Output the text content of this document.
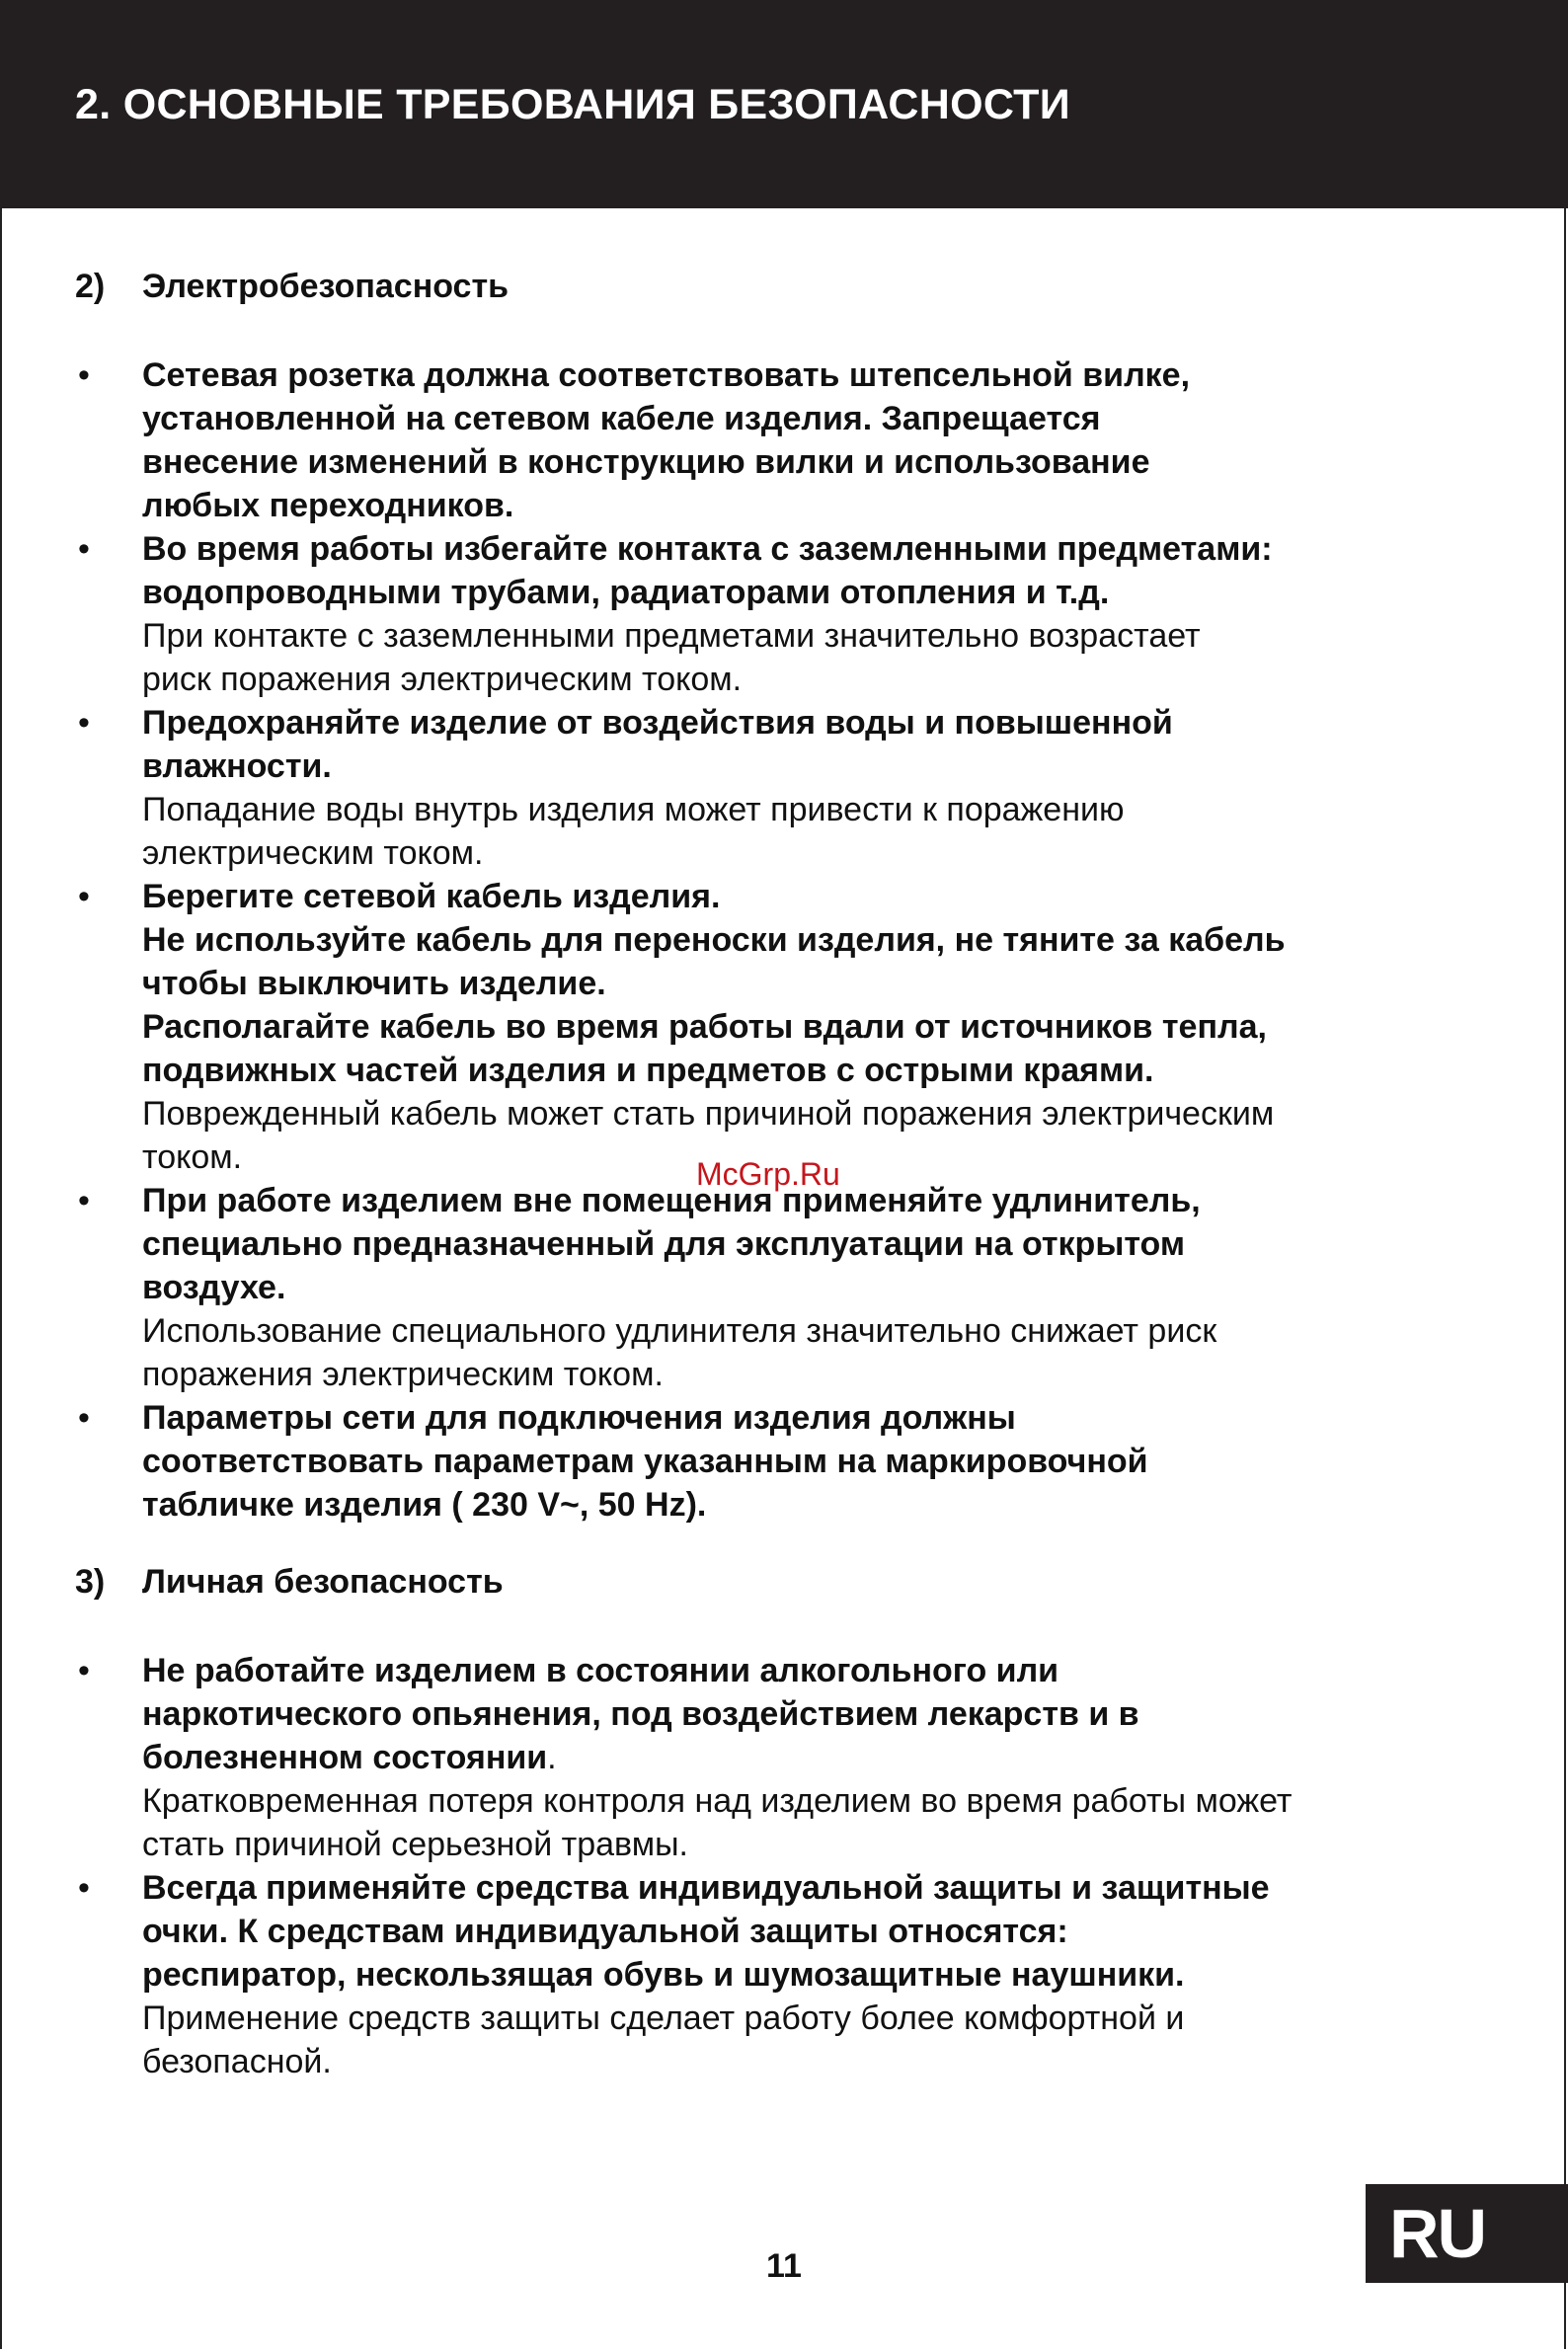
2. ОСНОВНЫЕ ТРЕБОВАНИЯ БЕЗОПАСНОСТИ
2) Электробезопасность
• Сетевая розетка должна соответствовать штепсельной вилке,
установленной на сетевом кабеле изделия. Запрещается
внесение изменений в конструкцию вилки и использование
любых переходников.
• Во время работы избегайте контакта с заземленными предметами:
водопроводными трубами, радиаторами отопления и т.д.
При контакте с заземленными предметами значительно возрастает
риск поражения электрическим током.
• Предохраняйте изделие от воздействия воды и повышенной
влажности.
Попадание воды внутрь изделия может привести к поражению
электрическим током.
• Берегите сетевой кабель изделия.
Не используйте кабель для переноски изделия, не тяните за кабель
чтобы выключить изделие.
Располагайте кабель во время работы вдали от источников тепла,
подвижных частей изделия и предметов с острыми краями.
Поврежденный кабель может стать причиной поражения электрическим
током.
• При работе изделием вне помещения применяйте удлинитель,
специально предназначенный для эксплуатации на открытом
воздухе.
Использование специального удлинителя значительно снижает риск
поражения электрическим током.
• Параметры сети для подключения изделия должны
соответствовать параметрам указанным на маркировочной
табличке изделия ( 230 V~, 50 Hz).
3) Личная безопасность
• Не работайте изделием в состоянии алкогольного или
наркотического опьянения, под воздействием лекарств и в
болезненном состоянии.
Кратковременная потеря контроля над изделием во время работы может
стать причиной серьезной травмы.
• Всегда применяйте средства индивидуальной защиты и защитные
очки. К средствам индивидуальной защиты относятся:
респиратор, нескользящая обувь и шумозащитные наушники.
Применение средств защиты сделает работу более комфортной и
безопасной.
McGrp.Ru
11	RU
